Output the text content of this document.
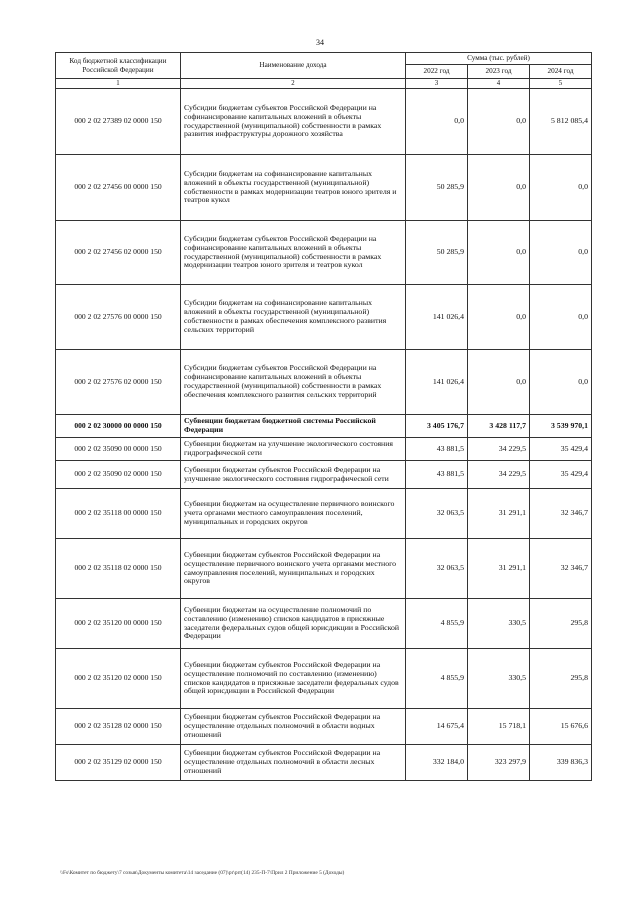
34
Код бюджетной классификации Российской Федерации	Наименование дохода	Сумма (тыс. рублей)		
		2022 год	2023 год	2024 год
1	2	3	4	5
000 2 02 27389 02 0000 150	Субсидии бюджетам субъектов Российской Федерации на софинансирование капитальных вложений в объекты государственной (муниципальной) собственности в рамках развития инфраструктуры дорожного хозяйства	0,0	0,0	5 812 085,4
000 2 02 27456 00 0000 150	Субсидии бюджетам на софинансирование капитальных вложений в объекты государственной (муниципальной) собственности в рамках модернизации театров юного зрителя и театров кукол	50 285,9	0,0	0,0
000 2 02 27456 02 0000 150	Субсидии бюджетам субъектов Российской Федерации на софинансирование капитальных вложений в объекты государственной (муниципальной) собственности в рамках модернизации театров юного зрителя и театров кукол	50 285,9	0,0	0,0
000 2 02 27576 00 0000 150	Субсидии бюджетам на софинансирование капитальных вложений в объекты государственной (муниципальной) собственности в рамках обеспечения комплексного развития сельских территорий	141 026,4	0,0	0,0
000 2 02 27576 02 0000 150	Субсидии бюджетам субъектов Российской Федерации на софинансирование капитальных вложений в объекты государственной (муниципальной) собственности в рамках обеспечения комплексного развития сельских территорий	141 026,4	0,0	0,0
000 2 02 30000 00 0000 150	Субвенции бюджетам бюджетной системы Российской Федерации	3 405 176,7	3 428 117,7	3 539 970,1
000 2 02 35090 00 0000 150	Субвенции бюджетам на улучшение экологического состояния гидрографической сети	43 881,5	34 229,5	35 429,4
000 2 02 35090 02 0000 150	Субвенции бюджетам субъектов Российской Федерации на улучшение экологического состояния гидрографической сети	43 881,5	34 229,5	35 429,4
000 2 02 35118 00 0000 150	Субвенции бюджетам на осуществление первичного воинского учета органами местного самоуправления поселений, муниципальных и городских округов	32 063,5	31 291,1	32 346,7
000 2 02 35118 02 0000 150	Субвенции бюджетам субъектов Российской Федерации на осуществление первичного воинского учета органами местного самоуправления поселений, муниципальных и городских округов	32 063,5	31 291,1	32 346,7
000 2 02 35120 00 0000 150	Субвенции бюджетам на осуществление полномочий по составлению (изменению) списков кандидатов в присяжные заседатели федеральных судов общей юрисдикции в Российской Федерации	4 855,9	330,5	295,8
000 2 02 35120 02 0000 150	Субвенции бюджетам субъектов Российской Федерации на осуществление полномочий по составлению (изменению) списков кандидатов в присяжные заседатели федеральных судов общей юрисдикции в Российской Федерации	4 855,9	330,5	295,8
000 2 02 35128 02 0000 150	Субвенции бюджетам субъектов Российской Федерации на осуществление отдельных полномочий в области водных отношений	14 675,4	15 718,1	15 676,6
000 2 02 35129 02 0000 150	Субвенции бюджетам субъектов Российской Федерации на осуществление отдельных полномочий в области лесных отношений	332 184,0	323 297,9	339 836,3
\\Fs\Комитет по бюджету\7 созыв\Документы комитета\14 заседание (07)\pr\prr(14) 235-П-7\Прил 2 Приложение 5 (Доходы)
